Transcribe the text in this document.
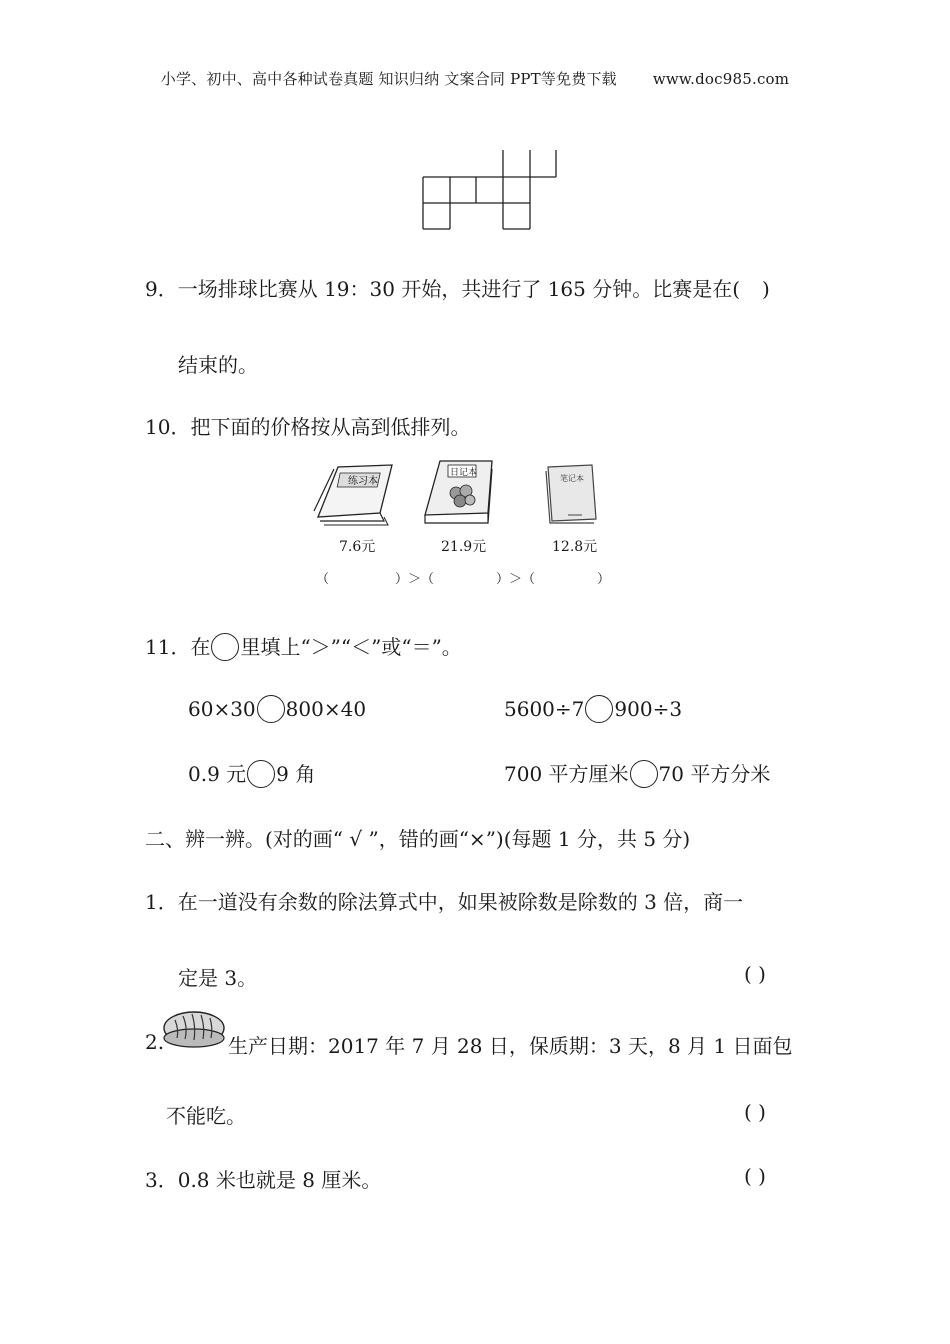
小学、初中、高中各种试卷真题 知识归纳 文案合同 PPT等免费下载 www.doc985.com
9．一场排球比赛从 19：30 开始，共进行了 165 分钟。比赛是在( )
结束的。
10．把下面的价格按从高到低排列。
练习本
日记本
笔记本
7.6元	21.9元	12.8元
（	）＞（	）＞（	）
11．在 里填上“＞”“＜”或“＝”。
60×30 800×40	5600÷7 900÷3
0.9 元 9 角	700 平方厘米 70 平方分米
二、辨一辨。(对的画“ √ ”，错的画“×”)(每题 1 分，共 5 分)
1．在一道没有余数的除法算式中，如果被除数是除数的 3 倍，商一
定是 3。	( )
2.	生产日期：2017 年 7 月 28 日，保质期：3 天，8 月 1 日面包
不能吃。	( )
3．0.8 米也就是 8 厘米。	( )
